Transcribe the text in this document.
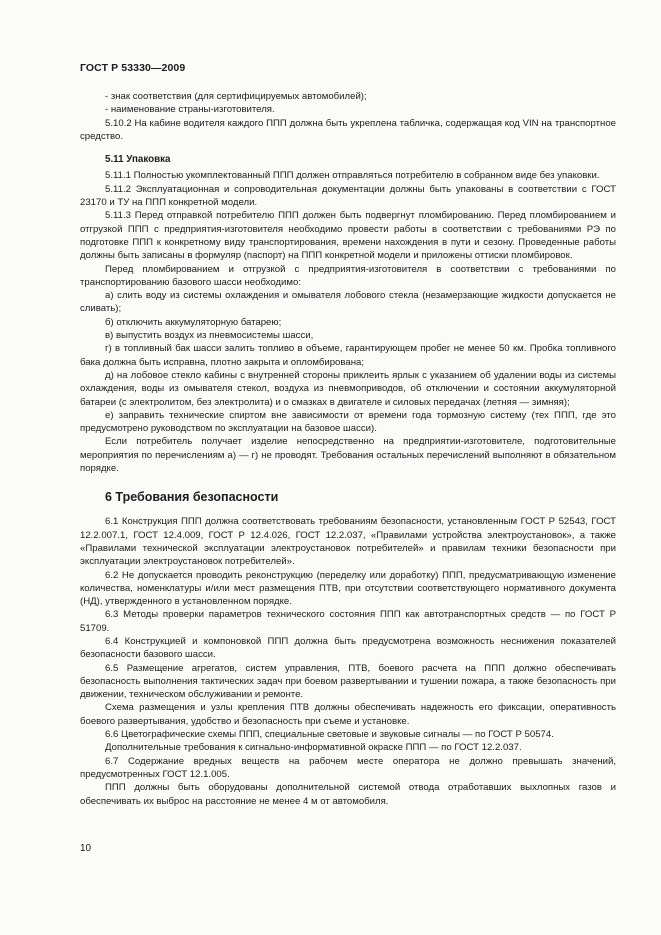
ГОСТ Р 53330—2009

- знак соответствия (для сертифицируемых автомобилей);

- наименование страны-изготовителя.

5.10.2 На кабине водителя каждого ППП должна быть укреплена табличка, содержащая код VIN на транспортное средство.

5.11 Упаковка

5.11.1 Полностью укомплектованный ППП должен отправляться потребителю в собранном виде без упаковки.

5.11.2 Эксплуатационная и сопроводительная документации должны быть упакованы в соответствии с ГОСТ 23170 и ТУ на ППП конкретной модели.

5.11.3 Перед отправкой потребителю ППП должен быть подвергнут пломбированию. Перед пломбированием и отгрузкой ППП с предприятия-изготовителя необходимо провести работы в соответствии с требованиями РЭ по подготовке ППП к конкретному виду транспортирования, времени нахождения в пути и сезону. Проведенные работы должны быть записаны в формуляр (паспорт) на ППП конкретной модели и приложены оттиски пломбировок.

Перед пломбированием и отгрузкой с предприятия-изготовителя в соответствии с требованиями по транспортированию базового шасси необходимо:

а) слить воду из системы охлаждения и омывателя лобового стекла (незамерзающие жидкости допускается не сливать);

б) отключить аккумуляторную батарею;

в) выпустить воздух из пневмосистемы шасси,

г) в топливный бак шасси залить топливо в объеме, гарантирующем пробег не менее 50 км. Пробка топливного бака должна быть исправна, плотно закрыта и опломбирована;

д) на лобовое стекло кабины с внутренней стороны приклеить ярлык с указанием об удалении воды из системы охлаждения, воды из омывателя стекол, воздуха из пневмоприводов, об отключении и состоянии аккумуляторной батареи (с электролитом, без электролита) и о смазках в двигателе и силовых передачах (летняя — зимняя);

е) заправить технические спиртом вне зависимости от времени года тормозную систему (тех ППП, где это предусмотрено руководством по эксплуатации на базовое шасси).

Если потребитель получает изделие непосредственно на предприятии-изготовителе, подготовительные мероприятия по перечислениям а) — г) не проводят. Требования остальных перечислений выполняют в обязательном порядке.

6 Требования безопасности

6.1 Конструкция ППП должна соответствовать требованиям безопасности, установленным ГОСТ Р 52543, ГОСТ 12.2.007.1, ГОСТ 12.4.009, ГОСТ Р 12.4.026, ГОСТ 12.2.037, «Правилами устройства электроустановок», а также «Правилами технической эксплуатации электроустановок потребителей» и правилам техники безопасности при эксплуатации электроустановок потребителей».

6.2 Не допускается проводить реконструкцию (переделку или доработку) ППП, предусматривающую изменение количества, номенклатуры и/или мест размещения ПТВ, при отсутствии соответствующего нормативного документа (НД), утвержденного в установленном порядке.

6.3 Методы проверки параметров технического состояния ППП как автотранспортных средств — по ГОСТ Р 51709.

6.4 Конструкцией и компоновкой ППП должна быть предусмотрена возможность неснижения показателей безопасности базового шасси.

6.5 Размещение агрегатов, систем управления, ПТВ, боевого расчета на ППП должно обеспечивать безопасность выполнения тактических задач при боевом развертывании и тушении пожара, а также безопасность при движении, техническом обслуживании и ремонте.

Схема размещения и узлы крепления ПТВ должны обеспечивать надежность его фиксации, оперативность боевого развертывания, удобство и безопасность при съеме и установке.

6.6 Цветографические схемы ППП, специальные световые и звуковые сигналы — по ГОСТ Р 50574.

Дополнительные требования к сигнально-информативной окраске ППП — по ГОСТ 12.2.037.

6.7 Содержание вредных веществ на рабочем месте оператора не должно превышать значений, предусмотренных ГОСТ 12.1.005.

ППП должны быть оборудованы дополнительной системой отвода отработавших выхлопных газов и обеспечивать их выброс на расстояние не менее 4 м от автомобиля.

10
